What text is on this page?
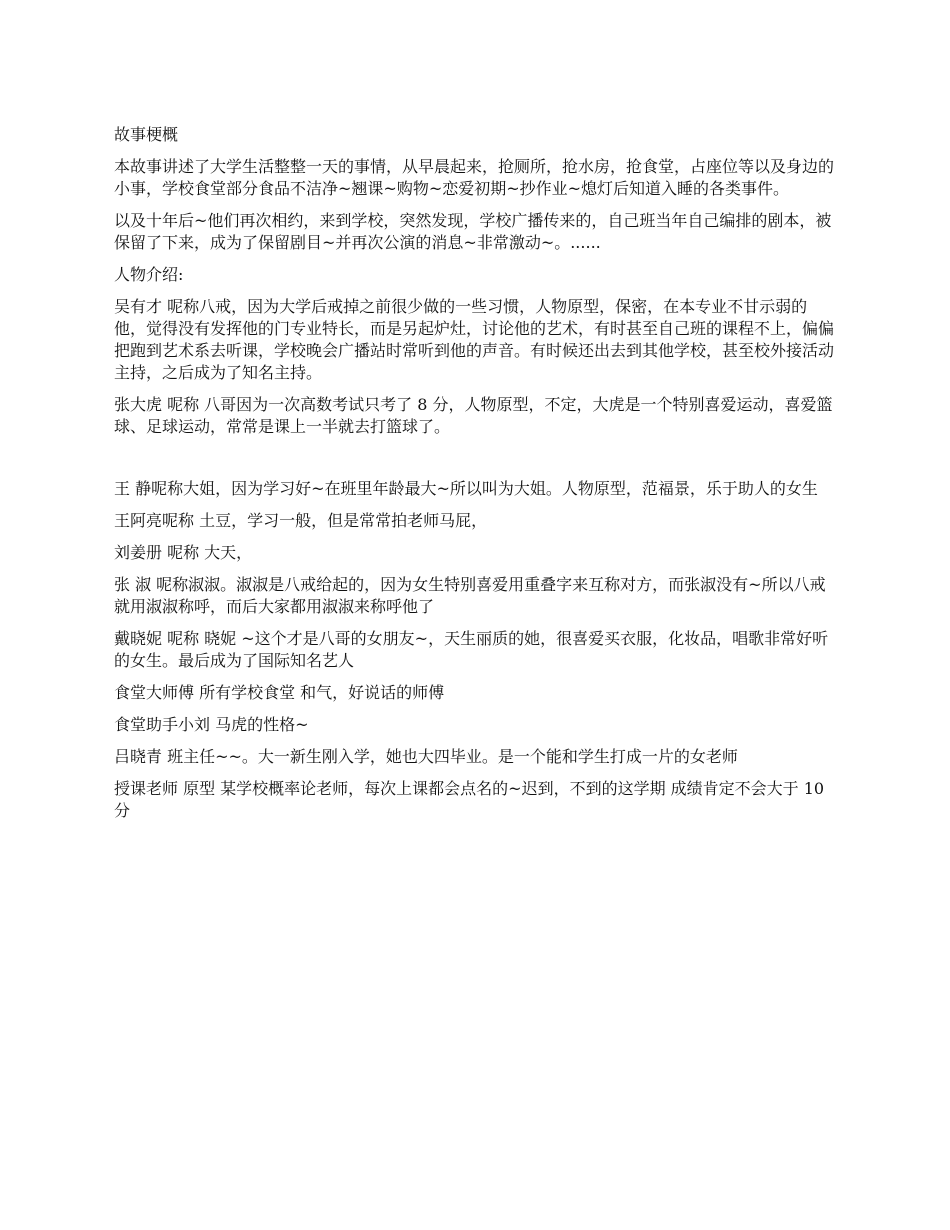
故事梗概

本故事讲述了大学生活整整一天的事情，从早晨起来，抢厕所，抢水房，抢食堂，占座位等以及身边的小事，学校食堂部分食品不洁净~翘课~购物~恋爱初期~抄作业~熄灯后知道入睡的各类事件。

以及十年后~他们再次相约，来到学校，突然发现，学校广播传来的，自己班当年自己编排的剧本，被保留了下来，成为了保留剧目~并再次公演的消息~非常激动~。......

人物介绍:

吴有才 呢称八戒，因为大学后戒掉之前很少做的一些习惯，人物原型，保密，在本专业不甘示弱的他，觉得没有发挥他的门专业特长，而是另起炉灶，讨论他的艺术，有时甚至自己班的课程不上，偏偏把跑到艺术系去听课，学校晚会广播站时常听到他的声音。有时候还出去到其他学校，甚至校外接活动主持，之后成为了知名主持。

张大虎 呢称 八哥因为一次高数考试只考了 8 分，人物原型，不定，大虎是一个特别喜爱运动，喜爱篮球、足球运动，常常是课上一半就去打篮球了。

王 静呢称大姐，因为学习好~在班里年龄最大~所以叫为大姐。人物原型，范福景，乐于助人的女生

王阿亮呢称 土豆，学习一般，但是常常拍老师马屁，

刘姜册 呢称 大天，

张 淑 呢称淑淑。淑淑是八戒给起的，因为女生特别喜爱用重叠字来互称对方，而张淑没有~所以八戒就用淑淑称呼，而后大家都用淑淑来称呼他了

戴晓妮 呢称 晓妮 ~这个才是八哥的女朋友~，天生丽质的她，很喜爱买衣服，化妆品，唱歌非常好听的女生。最后成为了国际知名艺人

食堂大师傅 所有学校食堂 和气，好说话的师傅

食堂助手小刘 马虎的性格~

吕晓青 班主任~~。大一新生刚入学，她也大四毕业。是一个能和学生打成一片的女老师

授课老师 原型 某学校概率论老师，每次上课都会点名的~迟到，不到的这学期 成绩肯定不会大于 10 分
